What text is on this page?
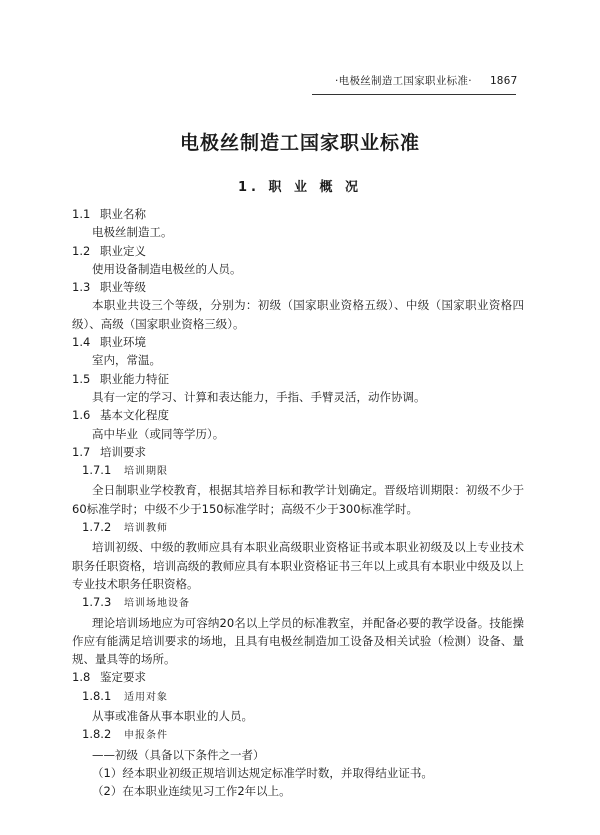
·电极丝制造工国家职业标准· 1867
电极丝制造工国家职业标准
1. 职 业 概 况
1.1 职业名称
电极丝制造工。
1.2 职业定义
使用设备制造电极丝的人员。
1.3 职业等级
本职业共设三个等级，分别为：初级（国家职业资格五级）、中级（国家职业资格四级）、高级（国家职业资格三级）。
1.4 职业环境
室内，常温。
1.5 职业能力特征
具有一定的学习、计算和表达能力，手指、手臂灵活，动作协调。
1.6 基本文化程度
高中毕业（或同等学历）。
1.7 培训要求
1.7.1 培训期限
全日制职业学校教育，根据其培养目标和教学计划确定。晋级培训期限：初级不少于60标准学时；中级不少于150标准学时；高级不少于300标准学时。
1.7.2 培训教师
培训初级、中级的教师应具有本职业高级职业资格证书或本职业初级及以上专业技术职务任职资格，培训高级的教师应具有本职业资格证书三年以上或具有本职业中级及以上专业技术职务任职资格。
1.7.3 培训场地设备
理论培训场地应为可容纳20名以上学员的标准教室，并配备必要的教学设备。技能操作应有能满足培训要求的场地，且具有电极丝制造加工设备及相关试验（检测）设备、量规、量具等的场所。
1.8 鉴定要求
1.8.1 适用对象
从事或准备从事本职业的人员。
1.8.2 申报条件
——初级（具备以下条件之一者）
（1）经本职业初级正规培训达规定标准学时数，并取得结业证书。
（2）在本职业连续见习工作2年以上。
